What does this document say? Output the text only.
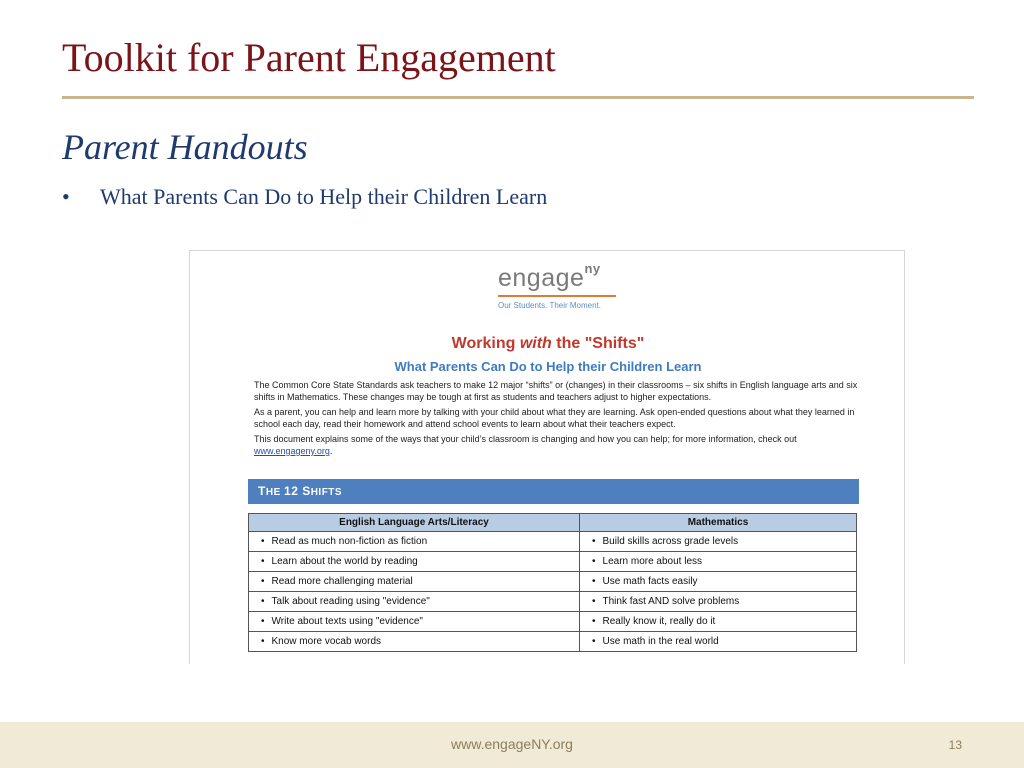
Toolkit for Parent Engagement
Parent Handouts
•	What Parents Can Do to Help their Children Learn
engage$^{ny}$
Our Students. Their Moment.
Working with the "Shifts"
What Parents Can Do to Help their Children Learn

The Common Core State Standards ask teachers to make 12 major “shifts” or (changes) in their classrooms – six shifts in English language arts and six shifts in Mathematics. These changes may be tough at first as students and teachers adjust to higher expectations.

As a parent, you can help and learn more by talking with your child about what they are learning. Ask open-ended questions about what they learned in school each day, read their homework and attend school events to learn about what their teachers expect.

This document explains some of the ways that your child’s classroom is changing and how you can help; for more information, check out www.engageny.org.

THE 12 SHIFTS
English Language Arts/Literacy	Mathematics
• Read as much non-fiction as fiction	• Build skills across grade levels
• Learn about the world by reading	• Learn more about less
• Read more challenging material	• Use math facts easily
• Talk about reading using "evidence"	• Think fast AND solve problems
• Write about texts using "evidence"	• Really know it, really do it
• Know more vocab words	• Use math in the real world
www.engageNY.org	13
